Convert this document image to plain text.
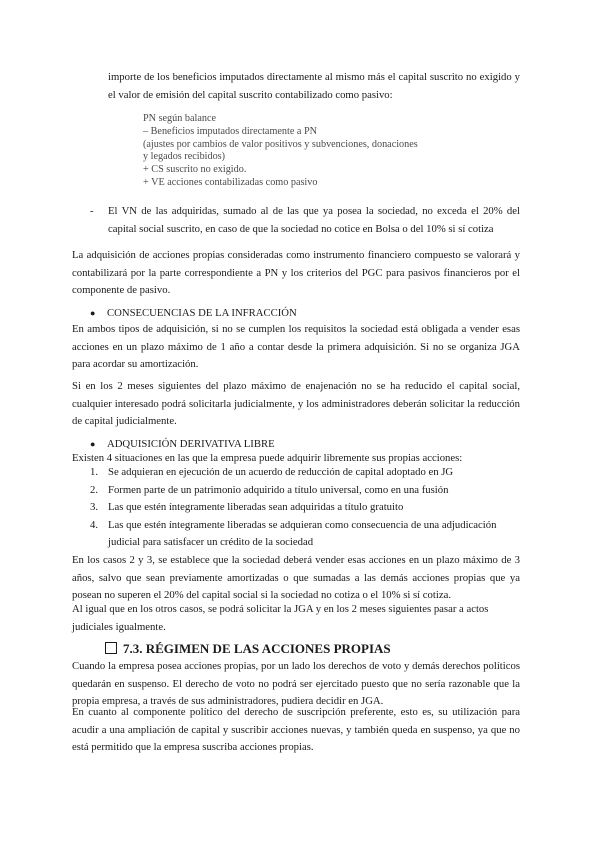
importe de los beneficios imputados directamente al mismo más el capital suscrito no exigido y el valor de emisión del capital suscrito contabilizado como pasivo:
PN según balance
– Beneficios imputados directamente a PN
(ajustes por cambios de valor positivos y subvenciones, donaciones
y legados recibidos)
+ CS suscrito no exigido.
+ VE acciones contabilizadas como pasivo
- El VN de las adquiridas, sumado al de las que ya posea la sociedad, no exceda el 20% del capital social suscrito, en caso de que la sociedad no cotice en Bolsa o del 10% si sí cotiza
La adquisición de acciones propias consideradas como instrumento financiero compuesto se valorará y contabilizará por la parte correspondiente a PN y los criterios del PGC para pasivos financieros por el componente de pasivo.
● CONSECUENCIAS DE LA INFRACCIÓN
En ambos tipos de adquisición, si no se cumplen los requisitos la sociedad está obligada a vender esas acciones en un plazo máximo de 1 año a contar desde la primera adquisición. Si no se organiza JGA para acordar su amortización.
Si en los 2 meses siguientes del plazo máximo de enajenación no se ha reducido el capital social, cualquier interesado podrá solicitarla judicialmente, y los administradores deberán solicitar la reducción de capital judicialmente.
● ADQUISICIÓN DERIVATIVA LIBRE
Existen 4 situaciones en las que la empresa puede adquirir libremente sus propias acciones:
1. Se adquieran en ejecución de un acuerdo de reducción de capital adoptado en JG
2. Formen parte de un patrimonio adquirido a título universal, como en una fusión
3. Las que estén íntegramente liberadas sean adquiridas a título gratuito
4. Las que estén íntegramente liberadas se adquieran como consecuencia de una adjudicación judicial para satisfacer un crédito de la sociedad
En los casos 2 y 3, se establece que la sociedad deberá vender esas acciones en un plazo máximo de 3 años, salvo que sean previamente amortizadas o que sumadas a las demás acciones propias que ya posean no superen el 20% del capital social si la sociedad no cotiza o el 10% si sí cotiza.
Al igual que en los otros casos, se podrá solicitar la JGA y en los 2 meses siguientes pasar a actos judiciales igualmente.
7.3. RÉGIMEN DE LAS ACCIONES PROPIAS
Cuando la empresa posea acciones propias, por un lado los derechos de voto y demás derechos políticos quedarán en suspenso. El derecho de voto no podrá ser ejercitado puesto que no sería razonable que la propia empresa, a través de sus administradores, pudiera decidir en JGA.
En cuanto al componente político del derecho de suscripción preferente, esto es, su utilización para acudir a una ampliación de capital y suscribir acciones nuevas, y también queda en suspenso, ya que no está permitido que la empresa suscriba acciones propias.
